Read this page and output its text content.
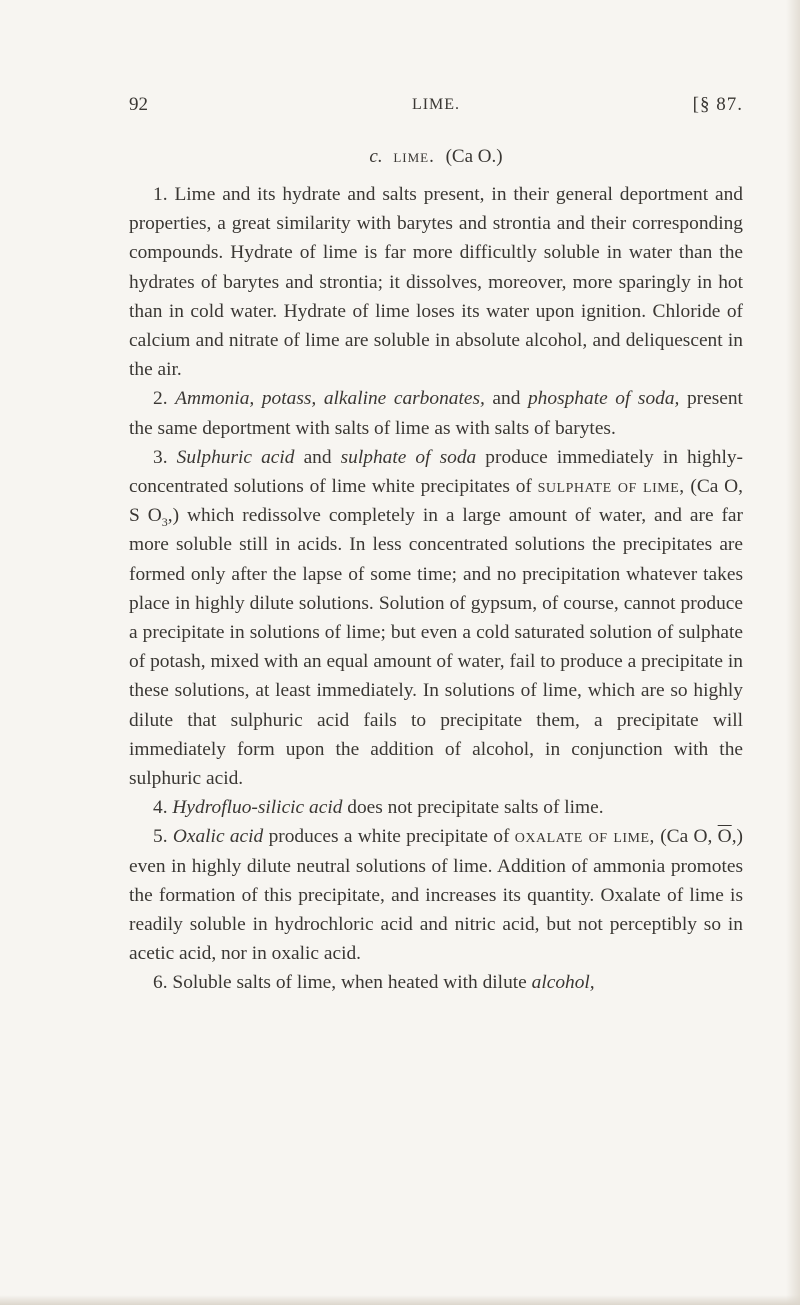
92	LIME.	[§ 87.
c. lime. (Ca O.)

1. Lime and its hydrate and salts present, in their general deportment and properties, a great similarity with barytes and strontia and their corresponding compounds. Hydrate of lime is far more difficultly soluble in water than the hydrates of barytes and strontia; it dissolves, moreover, more sparingly in hot than in cold water. Hydrate of lime loses its water upon ignition. Chloride of calcium and nitrate of lime are soluble in absolute alcohol, and deliquescent in the air.

2. Ammonia, potass, alkaline carbonates, and phosphate of soda, present the same deportment with salts of lime as with salts of barytes.

3. Sulphuric acid and sulphate of soda produce immediately in highly-concentrated solutions of lime white precipitates of sulphate of lime, (Ca O, S $O_3$,) which redissolve completely in a large amount of water, and are far more soluble still in acids. In less concentrated solutions the precipitates are formed only after the lapse of some time; and no precipitation whatever takes place in highly dilute solutions. Solution of gypsum, of course, cannot produce a precipitate in solutions of lime; but even a cold saturated solution of sulphate of potash, mixed with an equal amount of water, fail to produce a precipitate in these solutions, at least immediately. In solutions of lime, which are so highly dilute that sulphuric acid fails to precipitate them, a precipitate will immediately form upon the addition of alcohol, in conjunction with the sulphuric acid.

4. Hydrofluo-silicic acid does not precipitate salts of lime.

5. Oxalic acid produces a white precipitate of oxalate of lime, (Ca O, $\overline{O}$,) even in highly dilute neutral solutions of lime. Addition of ammonia promotes the formation of this precipitate, and increases its quantity. Oxalate of lime is readily soluble in hydrochloric acid and nitric acid, but not perceptibly so in acetic acid, nor in oxalic acid.

6. Soluble salts of lime, when heated with dilute alcohol,
